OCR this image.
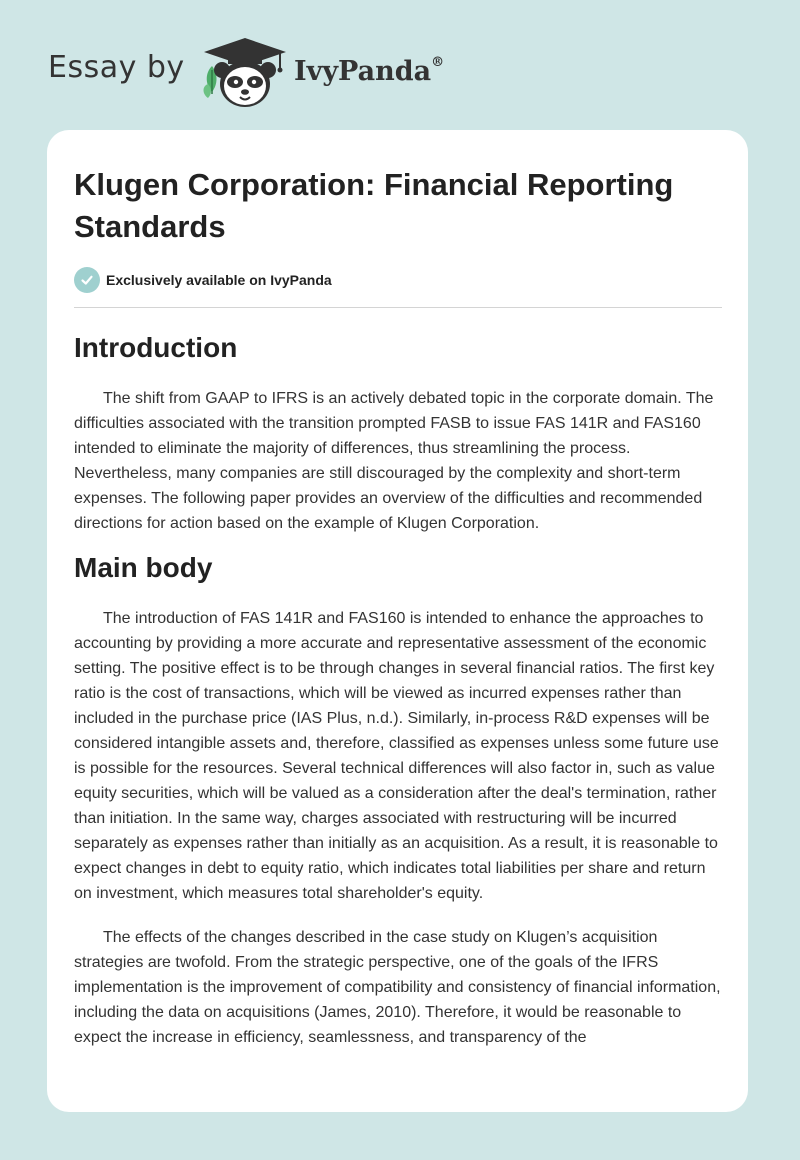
Essay by	IvyPanda®
Klugen Corporation: Financial Reporting Standards
Exclusively available on IvyPanda
Introduction

The shift from GAAP to IFRS is an actively debated topic in the corporate domain. The difficulties associated with the transition prompted FASB to issue FAS 141R and FAS160 intended to eliminate the majority of differences, thus streamlining the process. Nevertheless, many companies are still discouraged by the complexity and short-term expenses. The following paper provides an overview of the difficulties and recommended directions for action based on the example of Klugen Corporation.

Main body

The introduction of FAS 141R and FAS160 is intended to enhance the approaches to accounting by providing a more accurate and representative assessment of the economic setting. The positive effect is to be through changes in several financial ratios. The first key ratio is the cost of transactions, which will be viewed as incurred expenses rather than included in the purchase price (IAS Plus, n.d.). Similarly, in-process R&D expenses will be considered intangible assets and, therefore, classified as expenses unless some future use is possible for the resources. Several technical differences will also factor in, such as value equity securities, which will be valued as a consideration after the deal's termination, rather than initiation. In the same way, charges associated with restructuring will be incurred separately as expenses rather than initially as an acquisition. As a result, it is reasonable to expect changes in debt to equity ratio, which indicates total liabilities per share and return on investment, which measures total shareholder's equity.

The effects of the changes described in the case study on Klugen’s acquisition strategies are twofold. From the strategic perspective, one of the goals of the IFRS implementation is the improvement of compatibility and consistency of financial information, including the data on acquisitions (James, 2010). Therefore, it would be reasonable to expect the increase in efficiency, seamlessness, and transparency of the
